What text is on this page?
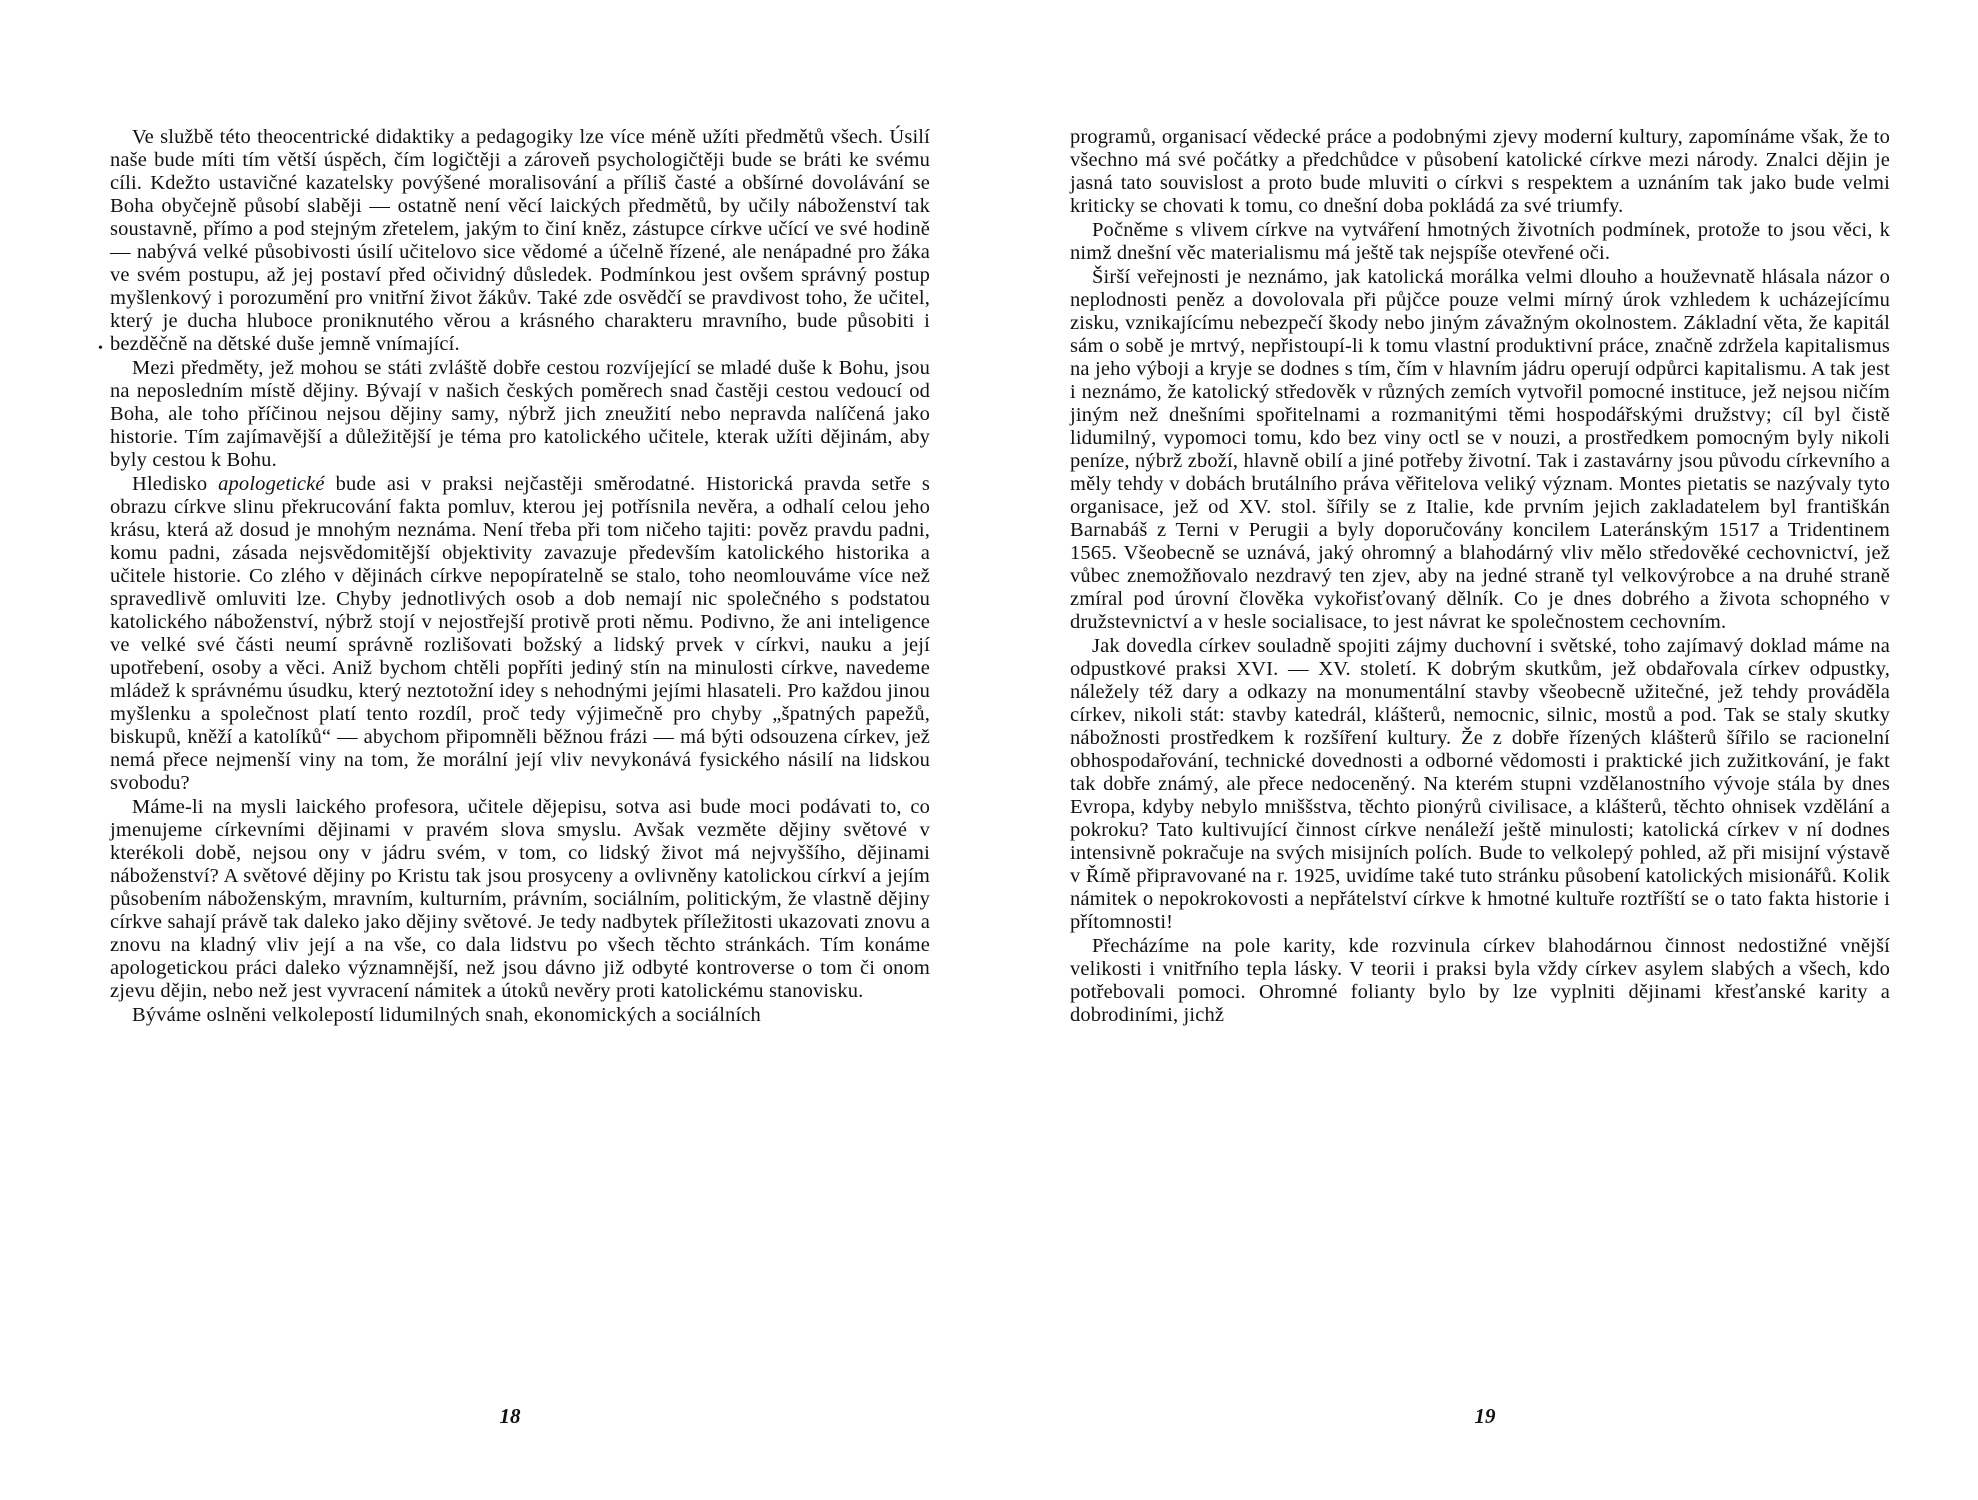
•

Ve službě této theocentrické didaktiky a pedagogiky lze více méně užíti předmětů všech. Úsilí naše bude míti tím větší úspěch, čím logičtěji a zároveň psychologičtěji bude se bráti ke svému cíli. Kdežto ustavičné kazatelsky povýšené moralisování a příliš časté a obšírné dovolávání se Boha obyčejně působí slaběji — ostatně není věcí laických předmětů, by učily náboženství tak soustavně, přímo a pod stejným zřetelem, jakým to činí kněz, zástupce církve učící ve své hodině — nabývá velké působivosti úsilí učitelovo sice vědomé a účelně řízené, ale nenápadné pro žáka ve svém postupu, až jej postaví před očividný důsledek. Podmínkou jest ovšem správný postup myšlenkový i porozumění pro vnitřní život žákův. Také zde osvědčí se pravdivost toho, že učitel, který je ducha hluboce proniknutého věrou a krásného charakteru mravního, bude působiti i bezděčně na dětské duše jemně vnímající.

Mezi předměty, jež mohou se státi zvláště dobře cestou rozvíjející se mladé duše k Bohu, jsou na neposledním místě dějiny. Bývají v našich českých poměrech snad častěji cestou vedoucí od Boha, ale toho příčinou nejsou dějiny samy, nýbrž jich zneužití nebo nepravda nalíčená jako historie. Tím zajímavější a důležitější je téma pro katolického učitele, kterak užíti dějinám, aby byly cestou k Bohu.

Hledisko apologetické bude asi v praksi nejčastěji směrodatné. Historická pravda setře s obrazu církve slinu překrucování fakta pomluv, kterou jej potřísnila nevěra, a odhalí celou jeho krásu, která až dosud je mnohým neznáma. Není třeba při tom ničeho tajiti: pověz pravdu padni, komu padni, zásada nejsvědomitější objektivity zavazuje především katolického historika a učitele historie. Co zlého v dějinách církve nepopíratelně se stalo, toho neomlouváme více než spravedlivě omluviti lze. Chyby jednotlivých osob a dob nemají nic společného s podstatou katolického náboženství, nýbrž stojí v nejostřejší protivě proti němu. Podivno, že ani inteligence ve velké své části neumí správně rozlišovati božský a lidský prvek v církvi, nauku a její upotřebení, osoby a věci. Aniž bychom chtěli popříti jediný stín na minulosti církve, navedeme mládež k správnému úsudku, který neztotožní idey s nehodnými jejími hlasateli. Pro každou jinou myšlenku a společnost platí tento rozdíl, proč tedy výjimečně pro chyby „špatných papežů, biskupů, kněží a katolíků“ — abychom připomněli běžnou frázi — má býti odsouzena církev, jež nemá přece nejmenší viny na tom, že morální její vliv nevykonává fysického násilí na lidskou svobodu?

Máme-li na mysli laického profesora, učitele dějepisu, sotva asi bude moci podávati to, co jmenujeme církevními dějinami v pravém slova smyslu. Avšak vezměte dějiny světové v kterékoli době, nejsou ony v jádru svém, v tom, co lidský život má nejvyššího, dějinami náboženství? A světové dějiny po Kristu tak jsou prosyceny a ovlivněny katolickou církví a jejím působením náboženským, mravním, kulturním, právním, sociálním, politickým, že vlastně dějiny církve sahají právě tak daleko jako dějiny světové. Je tedy nadbytek příležitosti ukazovati znovu a znovu na kladný vliv její a na vše, co dala lidstvu po všech těchto stránkách. Tím konáme apologetickou práci daleko významnější, než jsou dávno již odbyté kontroverse o tom či onom zjevu dějin, nebo než jest vyvracení námitek a útoků nevěry proti katolickému stanovisku.

Býváme oslněni velkolepostí lidumilných snah, ekonomických a sociálních

18

programů, organisací vědecké práce a podobnými zjevy moderní kultury, zapomínáme však, že to všechno má své počátky a předchůdce v působení katolické církve mezi národy. Znalci dějin je jasná tato souvislost a proto bude mluviti o církvi s respektem a uznáním tak jako bude velmi kriticky se chovati k tomu, co dnešní doba pokládá za své triumfy.

Počněme s vlivem církve na vytváření hmotných životních podmínek, protože to jsou věci, k nimž dnešní věc materialismu má ještě tak nejspíše otevřené oči.

Širší veřejnosti je neznámo, jak katolická morálka velmi dlouho a houževnatě hlásala názor o neplodnosti peněz a dovolovala při půjčce pouze velmi mírný úrok vzhledem k ucházejícímu zisku, vznikajícímu nebezpečí škody nebo jiným závažným okolnostem. Základní věta, že kapitál sám o sobě je mrtvý, nepřistoupí-li k tomu vlastní produktivní práce, značně zdržela kapitalismus na jeho výboji a kryje se dodnes s tím, čím v hlavním jádru operují odpůrci kapitalismu. A tak jest i neznámo, že katolický středověk v různých zemích vytvořil pomocné instituce, jež nejsou ničím jiným než dnešními spořitelnami a rozmanitými těmi hospodářskými družstvy; cíl byl čistě lidumilný, vypomoci tomu, kdo bez viny octl se v nouzi, a prostředkem pomocným byly nikoli peníze, nýbrž zboží, hlavně obilí a jiné potřeby životní. Tak i zastavárny jsou původu církevního a měly tehdy v dobách brutálního práva věřitelova veliký význam. Montes pietatis se nazývaly tyto organisace, jež od XV. stol. šířily se z Italie, kde prvním jejich zakladatelem byl františkán Barnabáš z Terni v Perugii a byly doporučovány koncilem Lateránským 1517 a Tridentinem 1565. Všeobecně se uznává, jaký ohromný a blahodárný vliv mělo středověké cechovnictví, jež vůbec znemožňovalo nezdravý ten zjev, aby na jedné straně tyl velkovýrobce a na druhé straně zmíral pod úrovní člověka vykořisťovaný dělník. Co je dnes dobrého a života schopného v družstevnictví a v hesle socialisace, to jest návrat ke společnostem cechovním.

Jak dovedla církev souladně spojiti zájmy duchovní i světské, toho zajímavý doklad máme na odpustkové praksi XVI. — XV. století. K dobrým skutkům, jež obdařovala církev odpustky, náležely též dary a odkazy na monumentální stavby všeobecně užitečné, jež tehdy prováděla církev, nikoli stát: stavby katedrál, klášterů, nemocnic, silnic, mostů a pod. Tak se staly skutky nábožnosti prostředkem k rozšíření kultury. Že z dobře řízených klášterů šířilo se racionelní obhospodařování, technické dovednosti a odborné vědomosti i praktické jich zužitkování, je fakt tak dobře známý, ale přece nedoceněný. Na kterém stupni vzdělanostního vývoje stála by dnes Evropa, kdyby nebylo mniššstva, těchto pionýrů civilisace, a klášterů, těchto ohnisek vzdělání a pokroku? Tato kultivující činnost církve nenáleží ještě minulosti; katolická církev v ní dodnes intensivně pokračuje na svých misijních polích. Bude to velkolepý pohled, až při misijní výstavě v Římě připravované na r. 1925, uvidíme také tuto stránku působení katolických misionářů. Kolik námitek o nepokrokovosti a nepřátelství církve k hmotné kultuře roztříští se o tato fakta historie i přítomnosti!

Přecházíme na pole karity, kde rozvinula církev blahodárnou činnost nedostižné vnější velikosti i vnitřního tepla lásky. V teorii i praksi byla vždy církev asylem slabých a všech, kdo potřebovali pomoci. Ohromné folianty bylo by lze vyplniti dějinami křesťanské karity a dobrodiními, jichž

19
